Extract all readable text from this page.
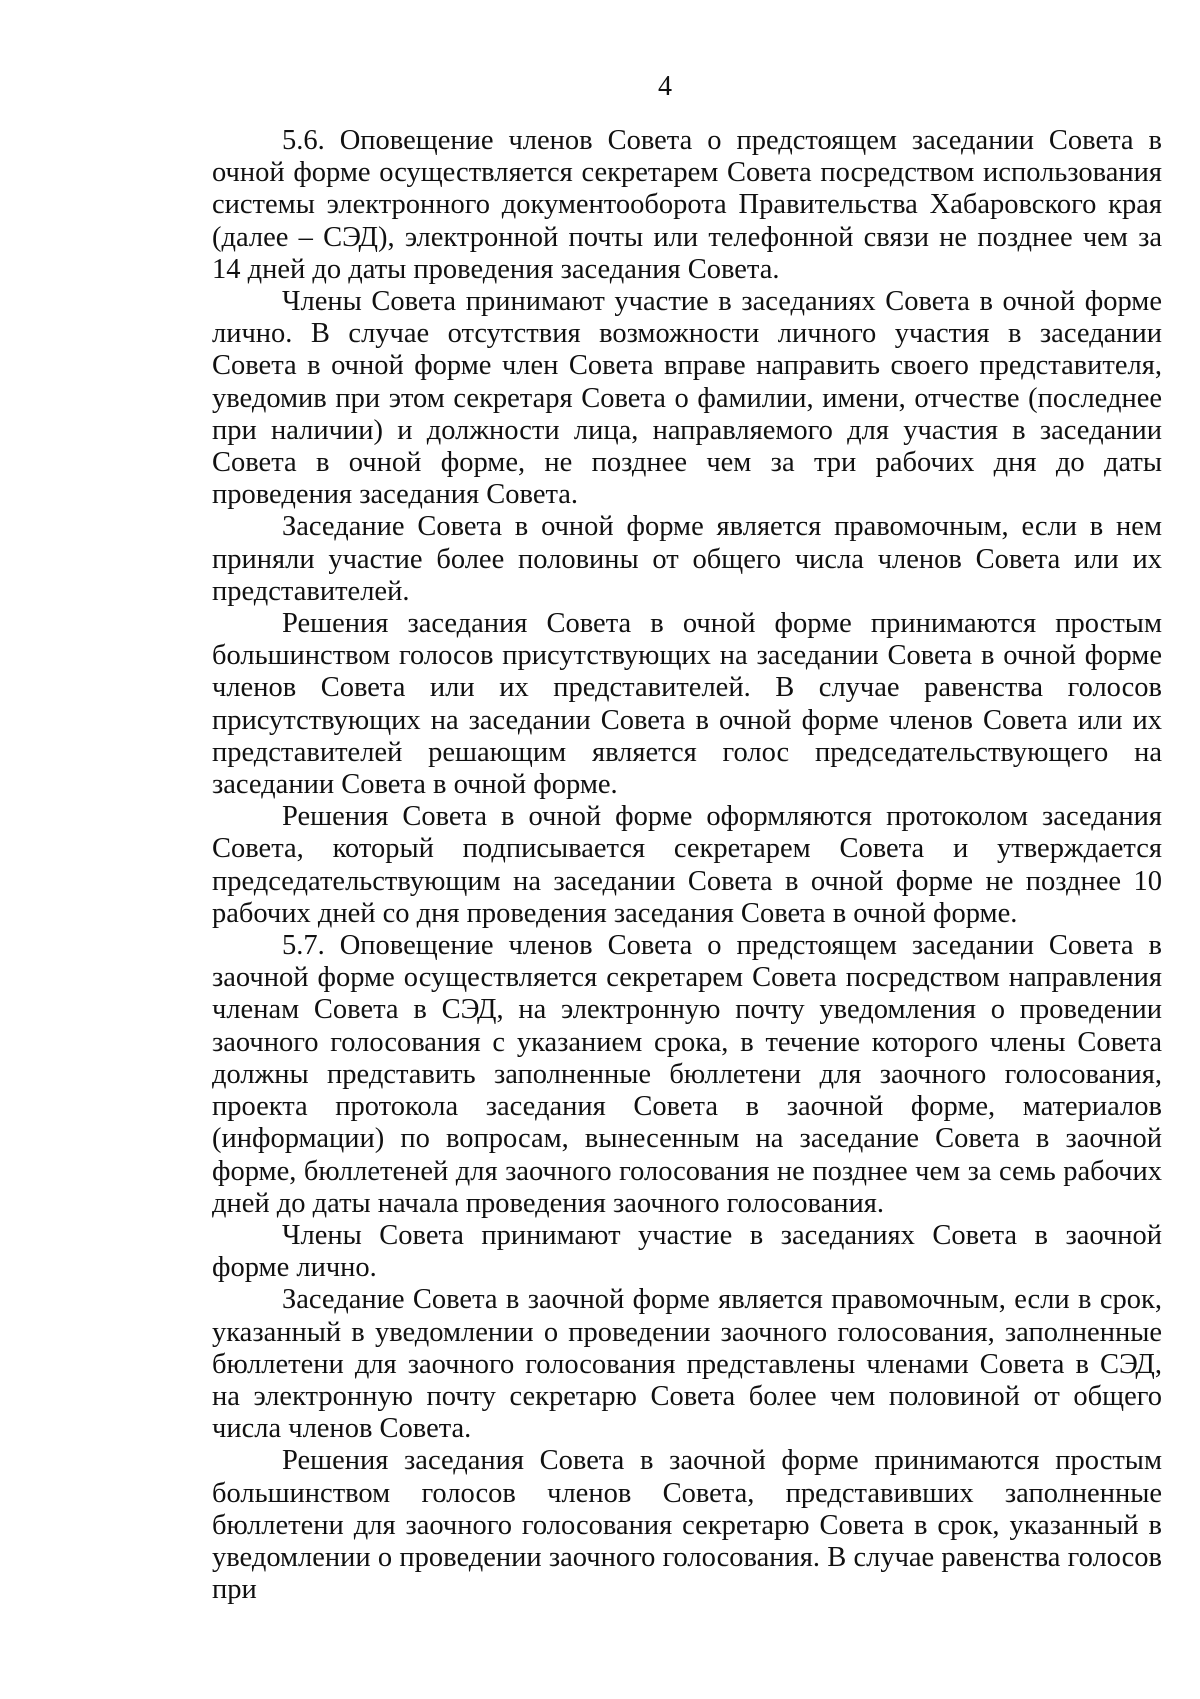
4

5.6. Оповещение членов Совета о предстоящем заседании Совета в очной форме осуществляется секретарем Совета посредством использования системы электронного документооборота Правительства Хабаровского края (далее – СЭД), электронной почты или телефонной связи не позднее чем за 14 дней до даты проведения заседания Совета.

Члены Совета принимают участие в заседаниях Совета в очной форме лично. В случае отсутствия возможности личного участия в заседании Совета в очной форме член Совета вправе направить своего представителя, уведомив при этом секретаря Совета о фамилии, имени, отчестве (последнее при наличии) и должности лица, направляемого для участия в заседании Совета в очной форме, не позднее чем за три рабочих дня до даты проведения заседания Совета.

Заседание Совета в очной форме является правомочным, если в нем приняли участие более половины от общего числа членов Совета или их представителей.

Решения заседания Совета в очной форме принимаются простым большинством голосов присутствующих на заседании Совета в очной форме членов Совета или их представителей. В случае равенства голосов присутствующих на заседании Совета в очной форме членов Совета или их представителей решающим является голос председательствующего на заседании Совета в очной форме.

Решения Совета в очной форме оформляются протоколом заседания Совета, который подписывается секретарем Совета и утверждается председательствующим на заседании Совета в очной форме не позднее 10 рабочих дней со дня проведения заседания Совета в очной форме.

5.7. Оповещение членов Совета о предстоящем заседании Совета в заочной форме осуществляется секретарем Совета посредством направления членам Совета в СЭД, на электронную почту уведомления о проведении заочного голосования с указанием срока, в течение которого члены Совета должны представить заполненные бюллетени для заочного голосования, проекта протокола заседания Совета в заочной форме, материалов (информации) по вопросам, вынесенным на заседание Совета в заочной форме, бюллетеней для заочного голосования не позднее чем за семь рабочих дней до даты начала проведения заочного голосования.

Члены Совета принимают участие в заседаниях Совета в заочной форме лично.

Заседание Совета в заочной форме является правомочным, если в срок, указанный в уведомлении о проведении заочного голосования, заполненные бюллетени для заочного голосования представлены членами Совета в СЭД, на электронную почту секретарю Совета более чем половиной от общего числа членов Совета.

Решения заседания Совета в заочной форме принимаются простым большинством голосов членов Совета, представивших заполненные бюллетени для заочного голосования секретарю Совета в срок, указанный в уведомлении о проведении заочного голосования. В случае равенства голосов при
